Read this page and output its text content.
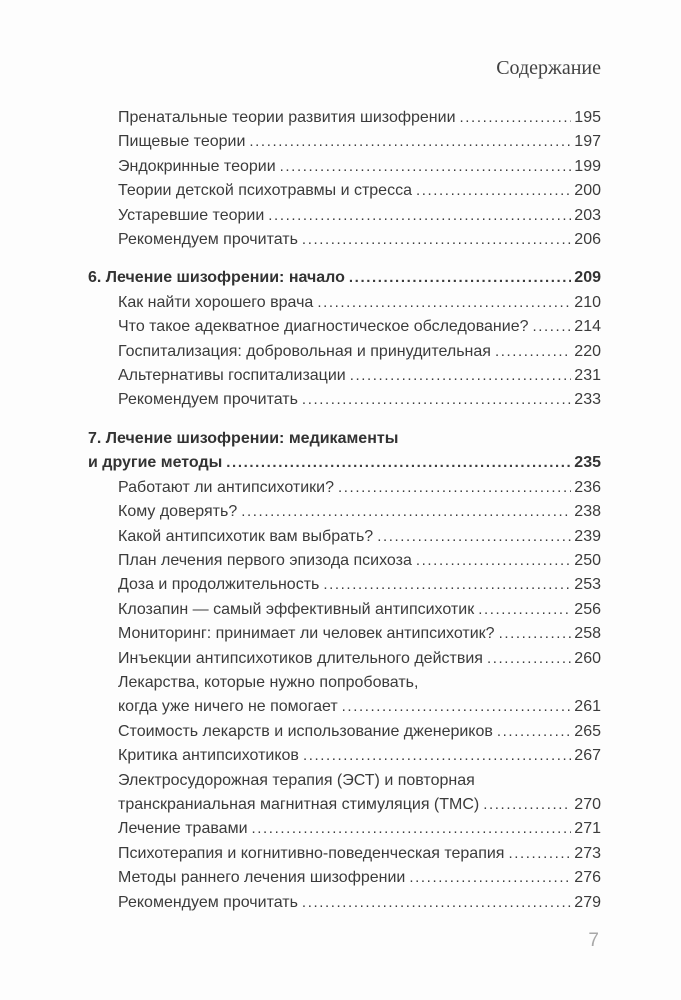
Содержание
Пренатальные теории развития шизофрении .....	195
Пищевые теории .....	197
Эндокринные теории .....	199
Теории детской психотравмы и стресса .....	200
Устаревшие теории .....	203
Рекомендуем прочитать .....	206
6. Лечение шизофрении: начало .....	209
Как найти хорошего врача .....	210
Что такое адекватное диагностическое обследование? .....	214
Госпитализация: добровольная и принудительная .....	220
Альтернативы госпитализации .....	231
Рекомендуем прочитать .....	233
7. Лечение шизофрении: медикаменты
и другие методы .....	235
Работают ли антипсихотики? .....	236
Кому доверять? .....	238
Какой антипсихотик вам выбрать? .....	239
План лечения первого эпизода психоза .....	250
Доза и продолжительность .....	253
Клозапин — самый эффективный антипсихотик .....	256
Мониторинг: принимает ли человек антипсихотик? .....	258
Инъекции антипсихотиков длительного действия .....	260
Лекарства, которые нужно попробовать,
когда уже ничего не помогает .....	261
Стоимость лекарств и использование дженериков .....	265
Критика антипсихотиков .....	267
Электросудорожная терапия (ЭСТ) и повторная
транскраниальная магнитная стимуляция (ТМС) .....	270
Лечение травами .....	271
Психотерапия и когнитивно-поведенческая терапия .....	273
Методы раннего лечения шизофрении .....	276
Рекомендуем прочитать .....	279
7
